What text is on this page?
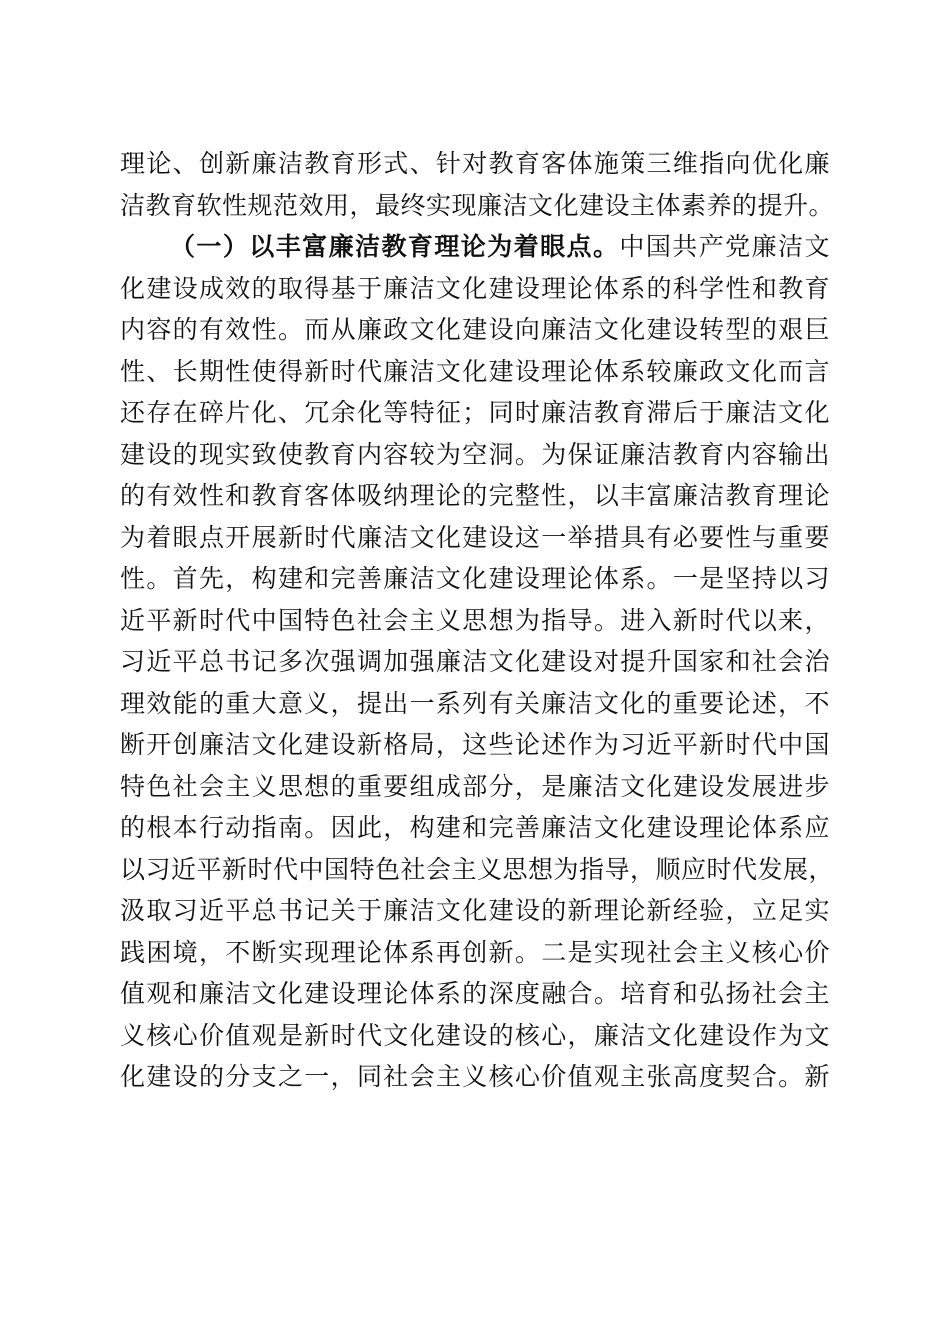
理论、创新廉洁教育形式、针对教育客体施策三维指向优化廉
洁教育软性规范效用，最终实现廉洁文化建设主体素养的提升。
（一）以丰富廉洁教育理论为着眼点。中国共产党廉洁文
化建设成效的取得基于廉洁文化建设理论体系的科学性和教育
内容的有效性。而从廉政文化建设向廉洁文化建设转型的艰巨
性、长期性使得新时代廉洁文化建设理论体系较廉政文化而言
还存在碎片化、冗余化等特征；同时廉洁教育滞后于廉洁文化
建设的现实致使教育内容较为空洞。为保证廉洁教育内容输出
的有效性和教育客体吸纳理论的完整性，以丰富廉洁教育理论
为着眼点开展新时代廉洁文化建设这一举措具有必要性与重要
性。首先，构建和完善廉洁文化建设理论体系。一是坚持以习
近平新时代中国特色社会主义思想为指导。进入新时代以来，
习近平总书记多次强调加强廉洁文化建设对提升国家和社会治
理效能的重大意义，提出一系列有关廉洁文化的重要论述，不
断开创廉洁文化建设新格局，这些论述作为习近平新时代中国
特色社会主义思想的重要组成部分，是廉洁文化建设发展进步
的根本行动指南。因此，构建和完善廉洁文化建设理论体系应
以习近平新时代中国特色社会主义思想为指导，顺应时代发展，
汲取习近平总书记关于廉洁文化建设的新理论新经验，立足实
践困境，不断实现理论体系再创新。二是实现社会主义核心价
值观和廉洁文化建设理论体系的深度融合。培育和弘扬社会主
义核心价值观是新时代文化建设的核心，廉洁文化建设作为文
化建设的分支之一，同社会主义核心价值观主张高度契合。新
